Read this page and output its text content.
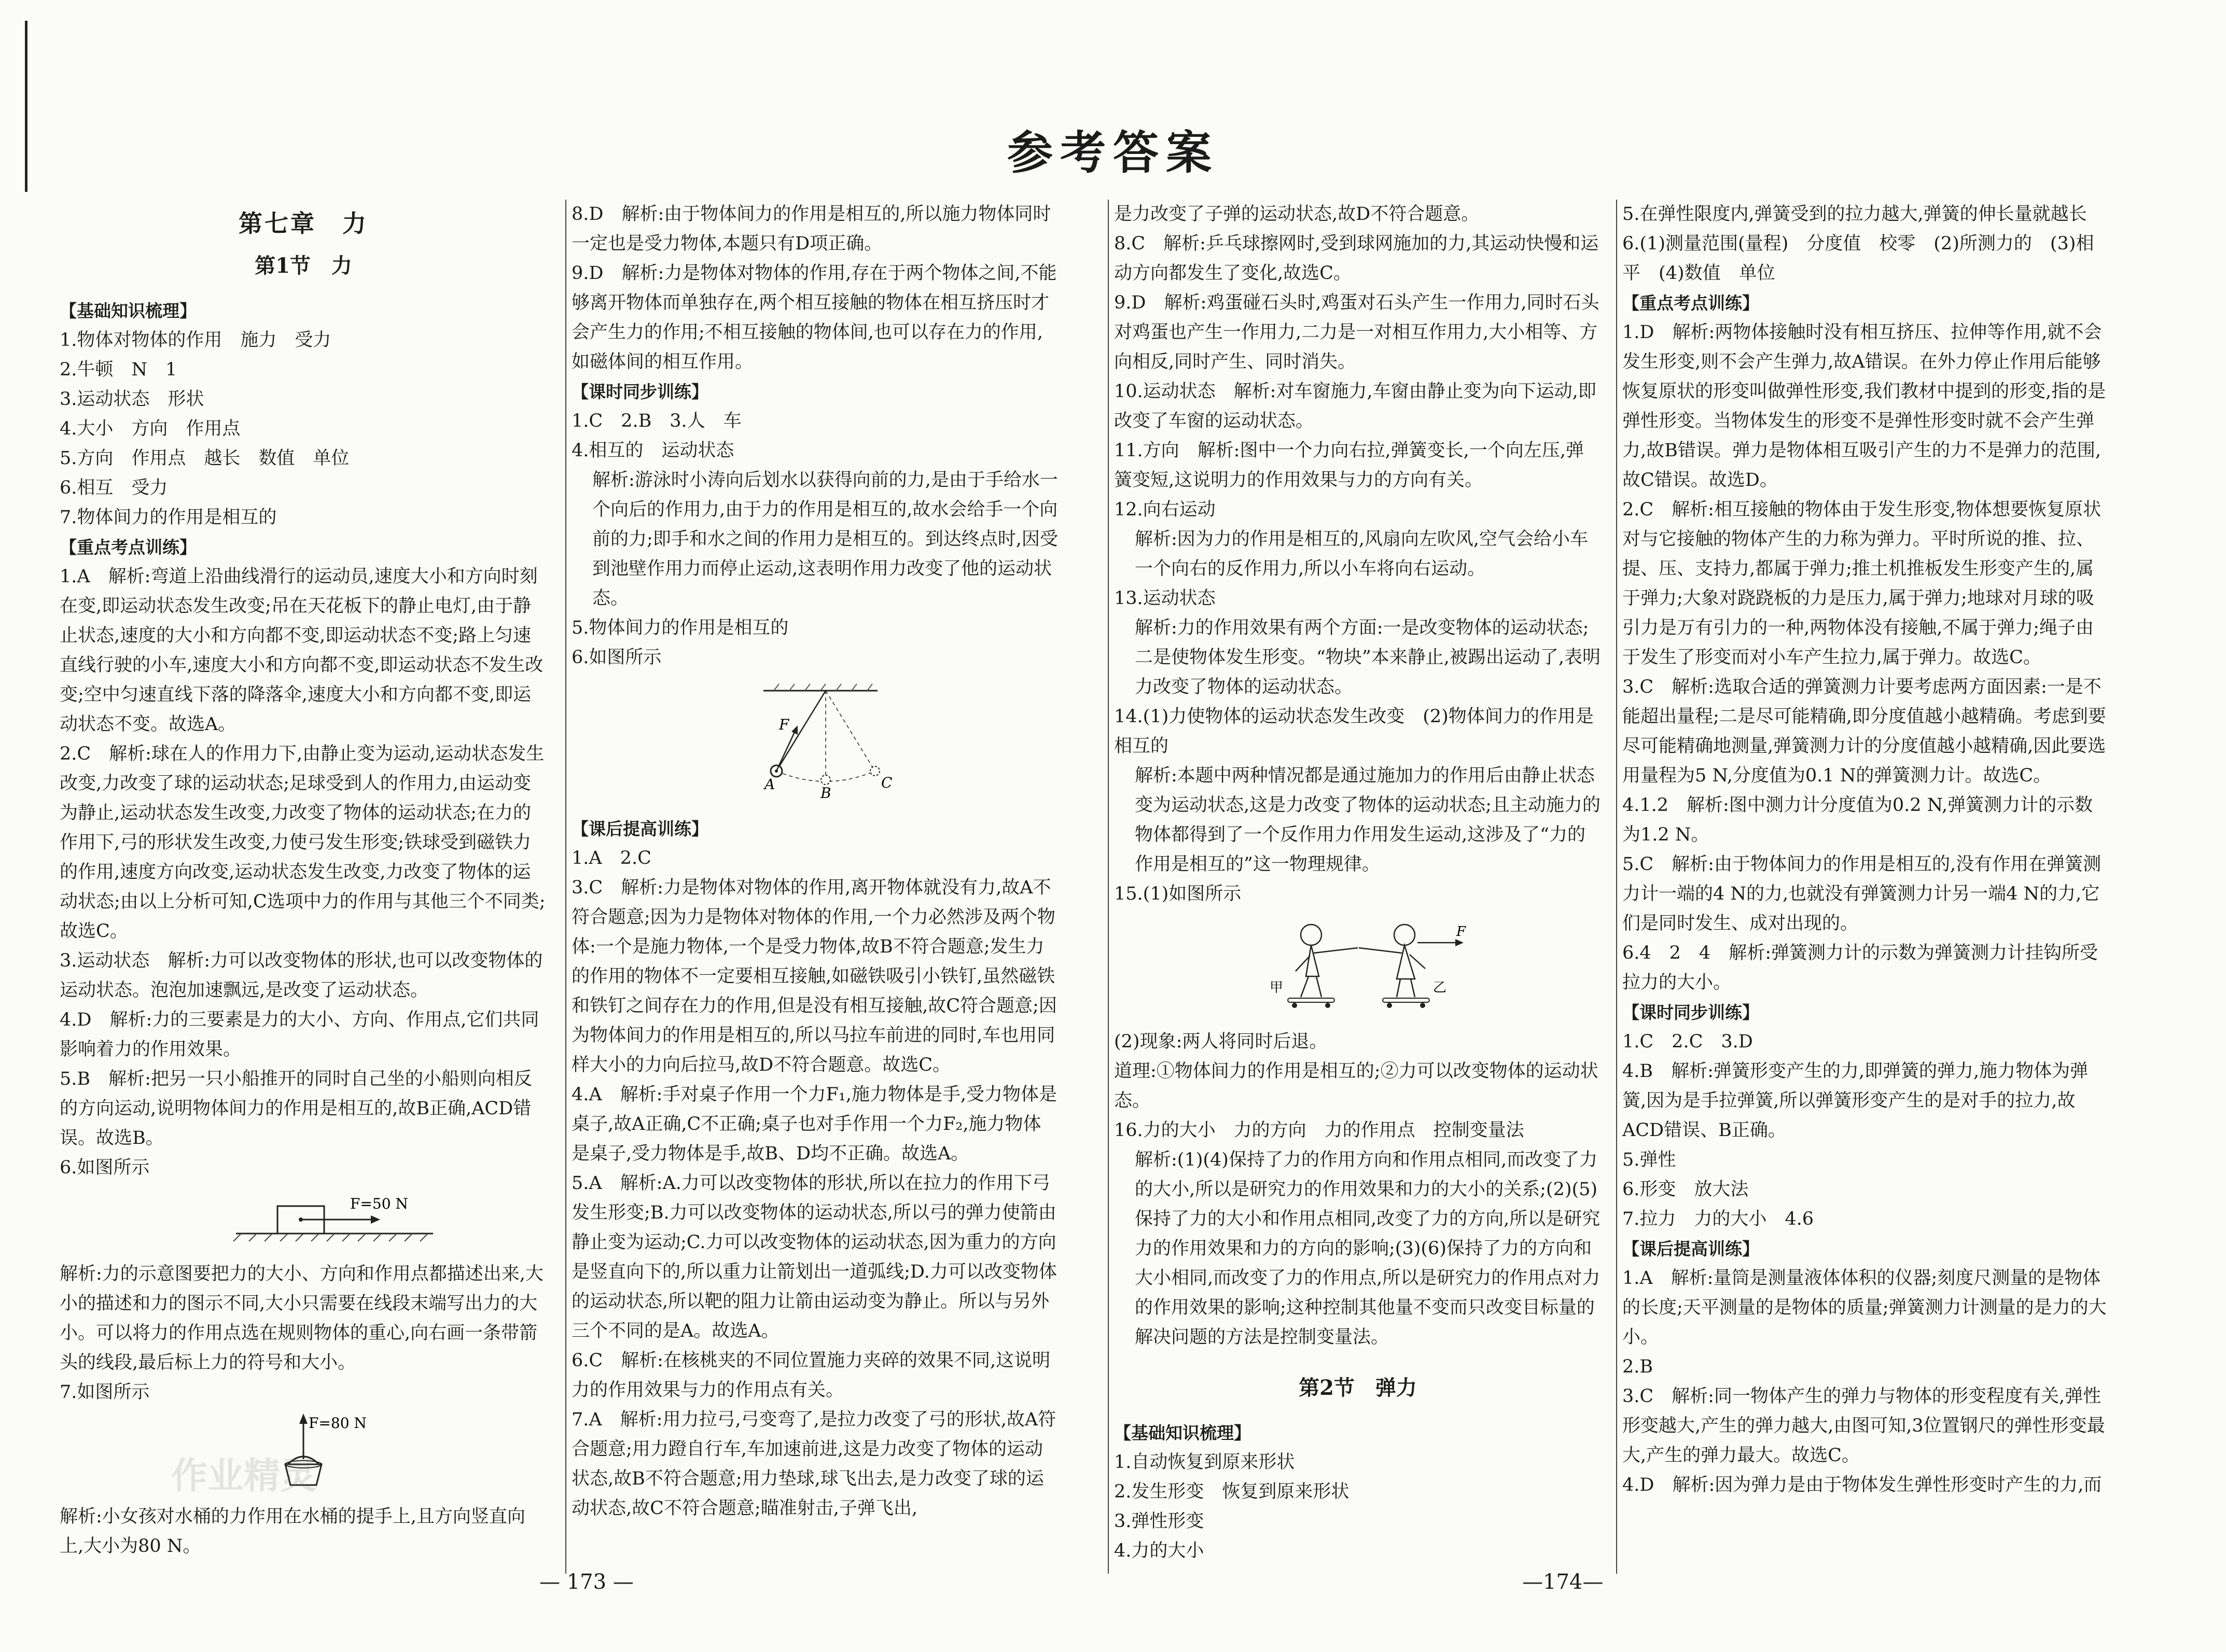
参考答案

第七章　力

第1节　力

【基础知识梳理】

1.物体对物体的作用　施力　受力

2.牛顿　N　1

3.运动状态　形状

4.大小　方向　作用点

5.方向　作用点　越长　数值　单位

6.相互　受力

7.物体间力的作用是相互的

【重点考点训练】

1.A　解析:弯道上沿曲线滑行的运动员,速度大小和方向时刻在变,即运动状态发生改变;吊在天花板下的静止电灯,由于静止状态,速度的大小和方向都不变,即运动状态不变;路上匀速直线行驶的小车,速度大小和方向都不变,即运动状态不发生改变;空中匀速直线下落的降落伞,速度大小和方向都不变,即运动状态不变。故选A。

2.C　解析:球在人的作用力下,由静止变为运动,运动状态发生改变,力改变了球的运动状态;足球受到人的作用力,由运动变为静止,运动状态发生改变,力改变了物体的运动状态;在力的作用下,弓的形状发生改变,力使弓发生形变;铁球受到磁铁力的作用,速度方向改变,运动状态发生改变,力改变了物体的运动状态;由以上分析可知,C选项中力的作用与其他三个不同类;故选C。

3.运动状态　解析:力可以改变物体的形状,也可以改变物体的运动状态。泡泡加速飘远,是改变了运动状态。

4.D　解析:力的三要素是力的大小、方向、作用点,它们共同影响着力的作用效果。

5.B　解析:把另一只小船推开的同时自己坐的小船则向相反的方向运动,说明物体间力的作用是相互的,故B正确,ACD错误。故选B。

6.如图所示

F=50 N

解析:力的示意图要把力的大小、方向和作用点都描述出来,大小的描述和力的图示不同,大小只需要在线段末端写出力的大小。可以将力的作用点选在规则物体的重心,向右画一条带箭头的线段,最后标上力的符号和大小。

7.如图所示

F=80 N

解析:小女孩对水桶的力作用在水桶的提手上,且方向竖直向上,大小为80 N。

8.D　解析:由于物体间力的作用是相互的,所以施力物体同时一定也是受力物体,本题只有D项正确。

9.D　解析:力是物体对物体的作用,存在于两个物体之间,不能够离开物体而单独存在,两个相互接触的物体在相互挤压时才会产生力的作用;不相互接触的物体间,也可以存在力的作用,如磁体间的相互作用。

【课时同步训练】

1.C　2.B　3.人　车

4.相互的　运动状态

解析:游泳时小涛向后划水以获得向前的力,是由于手给水一个向后的作用力,由于力的作用是相互的,故水会给手一个向前的力;即手和水之间的作用力是相互的。到达终点时,因受到池壁作用力而停止运动,这表明作用力改变了他的运动状态。

5.物体间力的作用是相互的

6.如图所示

F
A
B
C

【课后提高训练】

1.A　2.C

3.C　解析:力是物体对物体的作用,离开物体就没有力,故A不符合题意;因为力是物体对物体的作用,一个力必然涉及两个物体:一个是施力物体,一个是受力物体,故B不符合题意;发生力的作用的物体不一定要相互接触,如磁铁吸引小铁钉,虽然磁铁和铁钉之间存在力的作用,但是没有相互接触,故C符合题意;因为物体间力的作用是相互的,所以马拉车前进的同时,车也用同样大小的力向后拉马,故D不符合题意。故选C。

4.A　解析:手对桌子作用一个力F₁,施力物体是手,受力物体是桌子,故A正确,C不正确;桌子也对手作用一个力F₂,施力物体是桌子,受力物体是手,故B、D均不正确。故选A。

5.A　解析:A.力可以改变物体的形状,所以在拉力的作用下弓发生形变;B.力可以改变物体的运动状态,所以弓的弹力使箭由静止变为运动;C.力可以改变物体的运动状态,因为重力的方向是竖直向下的,所以重力让箭划出一道弧线;D.力可以改变物体的运动状态,所以靶的阻力让箭由运动变为静止。所以与另外三个不同的是A。故选A。

6.C　解析:在核桃夹的不同位置施力夹碎的效果不同,这说明力的作用效果与力的作用点有关。

7.A　解析:用力拉弓,弓变弯了,是拉力改变了弓的形状,故A符合题意;用力蹬自行车,车加速前进,这是力改变了物体的运动状态,故B不符合题意;用力垫球,球飞出去,是力改变了球的运动状态,故C不符合题意;瞄准射击,子弹飞出,

是力改变了子弹的运动状态,故D不符合题意。

8.C　解析:乒乓球擦网时,受到球网施加的力,其运动快慢和运动方向都发生了变化,故选C。

9.D　解析:鸡蛋碰石头时,鸡蛋对石头产生一作用力,同时石头对鸡蛋也产生一作用力,二力是一对相互作用力,大小相等、方向相反,同时产生、同时消失。

10.运动状态　解析:对车窗施力,车窗由静止变为向下运动,即改变了车窗的运动状态。

11.方向　解析:图中一个力向右拉,弹簧变长,一个向左压,弹簧变短,这说明力的作用效果与力的方向有关。

12.向右运动

解析:因为力的作用是相互的,风扇向左吹风,空气会给小车一个向右的反作用力,所以小车将向右运动。

13.运动状态

解析:力的作用效果有两个方面:一是改变物体的运动状态;二是使物体发生形变。“物块”本来静止,被踢出运动了,表明力改变了物体的运动状态。

14.(1)力使物体的运动状态发生改变　(2)物体间力的作用是相互的

解析:本题中两种情况都是通过施加力的作用后由静止状态变为运动状态,这是力改变了物体的运动状态;且主动施力的物体都得到了一个反作用力作用发生运动,这涉及了“力的作用是相互的”这一物理规律。

15.(1)如图所示

F
甲	乙

(2)现象:两人将同时后退。

道理:①物体间力的作用是相互的;②力可以改变物体的运动状态。

16.力的大小　力的方向　力的作用点　控制变量法

解析:(1)(4)保持了力的作用方向和作用点相同,而改变了力的大小,所以是研究力的作用效果和力的大小的关系;(2)(5)保持了力的大小和作用点相同,改变了力的方向,所以是研究力的作用效果和力的方向的影响;(3)(6)保持了力的方向和大小相同,而改变了力的作用点,所以是研究力的作用点对力的作用效果的影响;这种控制其他量不变而只改变目标量的解决问题的方法是控制变量法。

第2节　弹力

【基础知识梳理】

1.自动恢复到原来形状

2.发生形变　恢复到原来形状

3.弹性形变

4.力的大小

5.在弹性限度内,弹簧受到的拉力越大,弹簧的伸长量就越长

6.(1)测量范围(量程)　分度值　校零　(2)所测力的　(3)相平　(4)数值　单位

【重点考点训练】

1.D　解析:两物体接触时没有相互挤压、拉伸等作用,就不会发生形变,则不会产生弹力,故A错误。在外力停止作用后能够恢复原状的形变叫做弹性形变,我们教材中提到的形变,指的是弹性形变。当物体发生的形变不是弹性形变时就不会产生弹力,故B错误。弹力是物体相互吸引产生的力不是弹力的范围,故C错误。故选D。

2.C　解析:相互接触的物体由于发生形变,物体想要恢复原状对与它接触的物体产生的力称为弹力。平时所说的推、拉、提、压、支持力,都属于弹力;推土机推板发生形变产生的,属于弹力;大象对跷跷板的力是压力,属于弹力;地球对月球的吸引力是万有引力的一种,两物体没有接触,不属于弹力;绳子由于发生了形变而对小车产生拉力,属于弹力。故选C。

3.C　解析:选取合适的弹簧测力计要考虑两方面因素:一是不能超出量程;二是尽可能精确,即分度值越小越精确。考虑到要尽可能精确地测量,弹簧测力计的分度值越小越精确,因此要选用量程为5 N,分度值为0.1 N的弹簧测力计。故选C。

4.1.2　解析:图中测力计分度值为0.2 N,弹簧测力计的示数为1.2 N。

5.C　解析:由于物体间力的作用是相互的,没有作用在弹簧测力计一端的4 N的力,也就没有弹簧测力计另一端4 N的力,它们是同时发生、成对出现的。

6.4　2　4　解析:弹簧测力计的示数为弹簧测力计挂钩所受拉力的大小。

【课时同步训练】

1.C　2.C　3.D

4.B　解析:弹簧形变产生的力,即弹簧的弹力,施力物体为弹簧,因为是手拉弹簧,所以弹簧形变产生的是对手的拉力,故ACD错误、B正确。

5.弹性

6.形变　放大法

7.拉力　力的大小　4.6

【课后提高训练】

1.A　解析:量筒是测量液体体积的仪器;刻度尺测量的是物体的长度;天平测量的是物体的质量;弹簧测力计测量的是力的大小。

2.B

3.C　解析:同一物体产生的弹力与物体的形变程度有关,弹性形变越大,产生的弹力越大,由图可知,3位置钢尺的弹性形变最大,产生的弹力最大。故选C。

4.D　解析:因为弹力是由于物体发生弹性形变时产生的力,而

作业精灵
— 173 —	—174—
